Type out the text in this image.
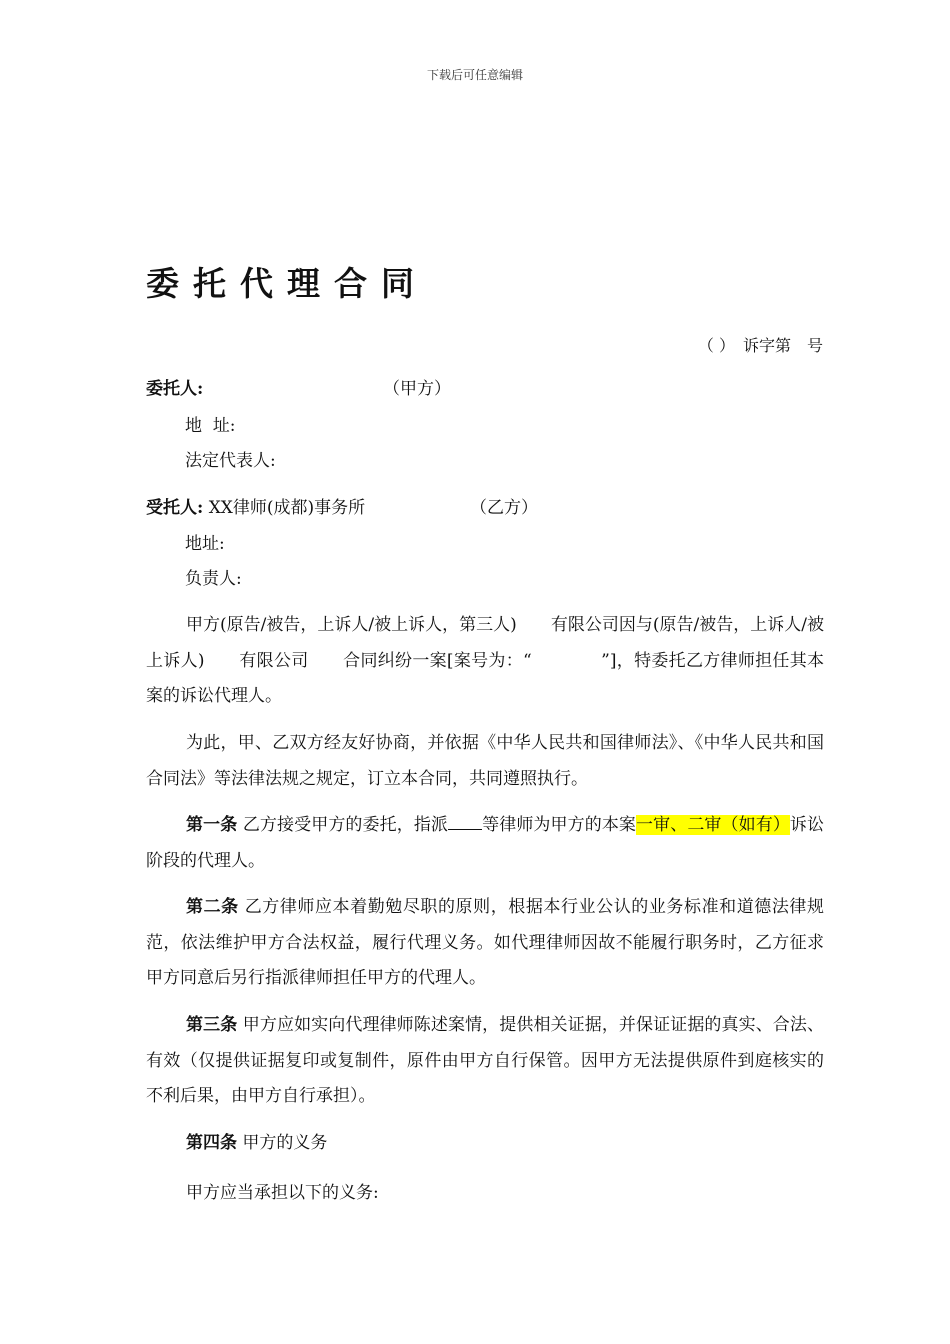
下载后可任意编辑
委托代理合同
（ ）　诉字第　号
委托人:	（甲方）
地  址:
法定代表人:
受托人: XX律师(成都)事务所	（乙方）
地址:
负责人:

甲方(原告/被告，上诉人/被上诉人，第三人)　　有限公司因与(原告/被告，上诉人/被上诉人)　　有限公司　　合同纠纷一案[案号为：“　　　　”]，特委托乙方律师担任其本案的诉讼代理人。

为此，甲、乙双方经友好协商，并依据《中华人民共和国律师法》、《中华人民共和国合同法》等法律法规之规定，订立本合同，共同遵照执行。

第一条 乙方接受甲方的委托，指派 等律师为甲方的本案一审、二审（如有）诉讼阶段的代理人。

第二条 乙方律师应本着勤勉尽职的原则，根据本行业公认的业务标准和道德法律规范，依法维护甲方合法权益，履行代理义务。如代理律师因故不能履行职务时，乙方征求甲方同意后另行指派律师担任甲方的代理人。

第三条 甲方应如实向代理律师陈述案情，提供相关证据，并保证证据的真实、合法、有效（仅提供证据复印或复制件，原件由甲方自行保管。因甲方无法提供原件到庭核实的不利后果，由甲方自行承担）。

第四条 甲方的义务

甲方应当承担以下的义务:
